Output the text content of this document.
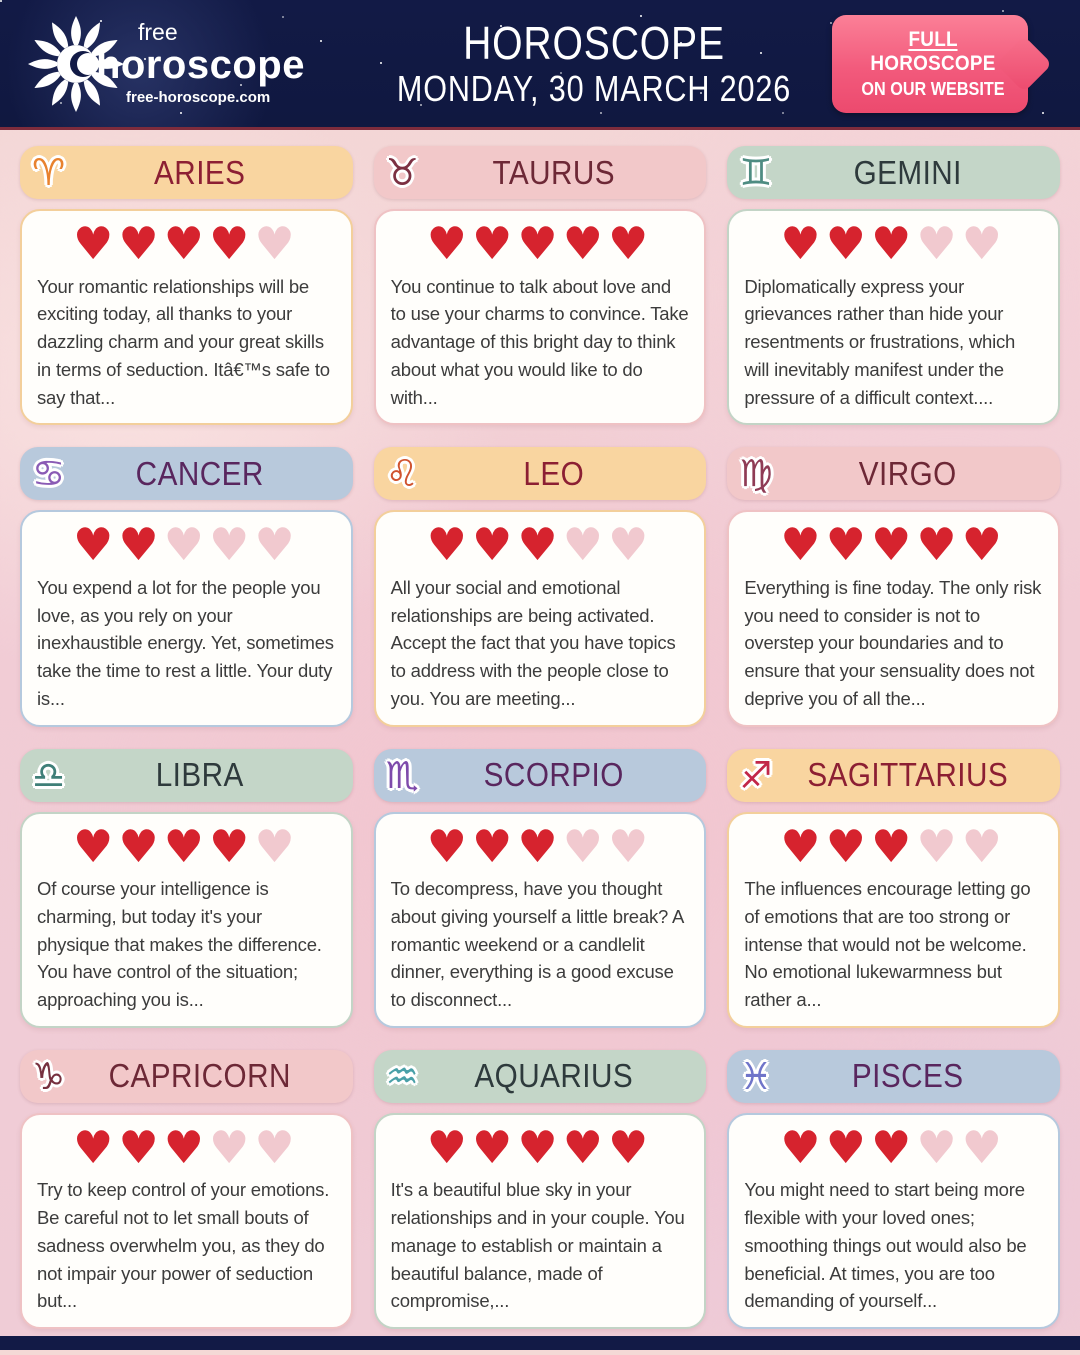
free
horoscope
free-horoscope.com
HOROSCOPE
MONDAY, 30 MARCH 2026
FULL HOROSCOPE
ON OUR WEBSITE
♈	ARIES
♥♥♥♥♥

Your romantic relationships will be exciting today, all thanks to your dazzling charm and your great skills in terms of seduction. Itâ€™s safe to say that...

♉	TAURUS
♥♥♥♥♥

You continue to talk about love and to use your charms to convince. Take advantage of this bright day to think about what you would like to do with...

♊	GEMINI
♥♥♥♥♥

Diplomatically express your grievances rather than hide your resentments or frustrations, which will inevitably manifest under the pressure of a difficult context....

♋	CANCER
♥♥♥♥♥

You expend a lot for the people you love, as you rely on your inexhaustible energy. Yet, sometimes take the time to rest a little. Your duty is...

♌	LEO
♥♥♥♥♥

All your social and emotional relationships are being activated. Accept the fact that you have topics to address with the people close to you. You are meeting...

♍	VIRGO
♥♥♥♥♥

Everything is fine today. The only risk you need to consider is not to overstep your boundaries and to ensure that your sensuality does not deprive you of all the...

♎	LIBRA
♥♥♥♥♥

Of course your intelligence is charming, but today it's your physique that makes the difference. You have control of the situation; approaching you is...

♏	SCORPIO
♥♥♥♥♥

To decompress, have you thought about giving yourself a little break? A romantic weekend or a candlelit dinner, everything is a good excuse to disconnect...

♐	SAGITTARIUS
♥♥♥♥♥

The influences encourage letting go of emotions that are too strong or intense that would not be welcome. No emotional lukewarmness but rather a...

♑	CAPRICORN
♥♥♥♥♥

Try to keep control of your emotions. Be careful not to let small bouts of sadness overwhelm you, as they do not impair your power of seduction but...

♒	AQUARIUS
♥♥♥♥♥

It's a beautiful blue sky in your relationships and in your couple. You manage to establish or maintain a beautiful balance, made of compromise,...

♓	PISCES
♥♥♥♥♥

You might need to start being more flexible with your loved ones; smoothing things out would also be beneficial. At times, you are too demanding of yourself...
